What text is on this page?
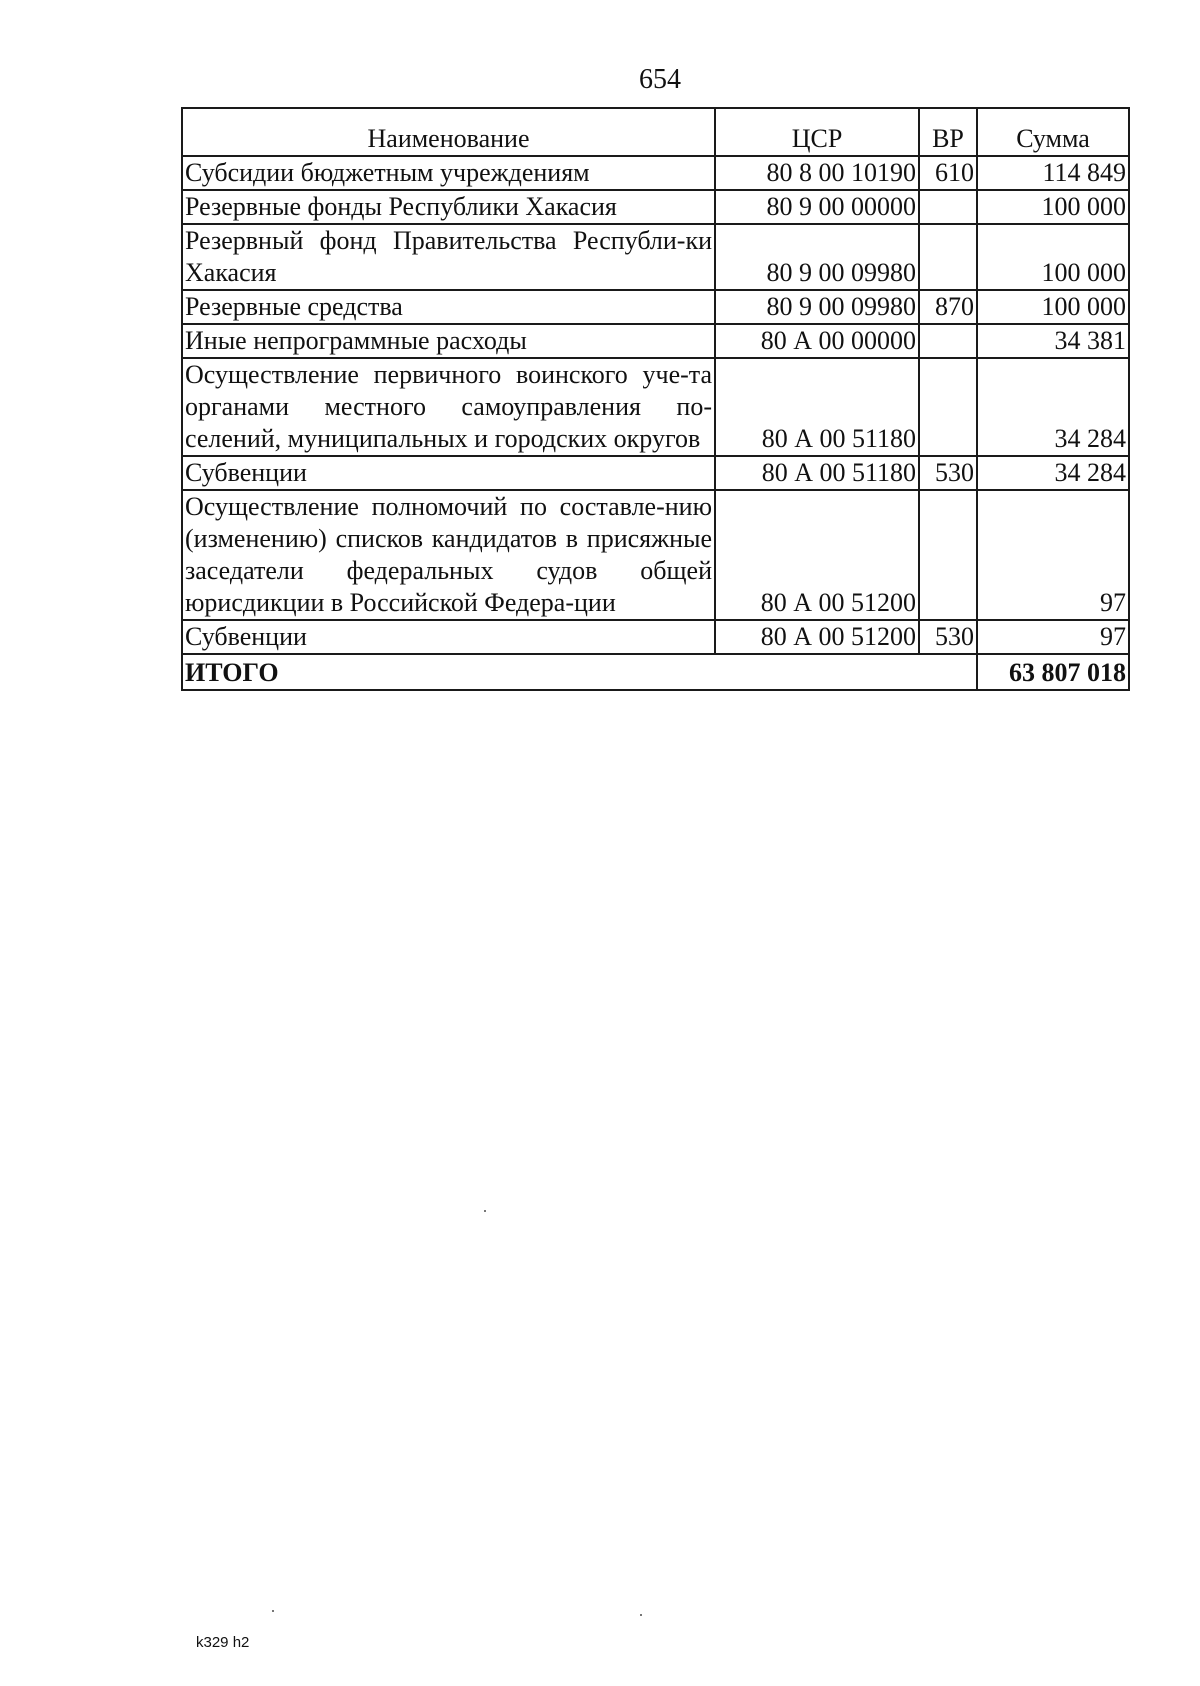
654
Наименование	ЦСР	ВР	Сумма
Субсидии бюджетным учреждениям	80 8 00 10190	610	114 849
Резервные фонды Республики Хакасия	80 9 00 00000		100 000
Резервный фонд Правительства Республи-ки Хакасия	80 9 00 09980		100 000
Резервные средства	80 9 00 09980	870	100 000
Иные непрограммные расходы	80 А 00 00000		34 381
Осуществление первичного воинского уче-та органами местного самоуправления по-селений, муниципальных и городских округов	80 А 00 51180		34 284
Субвенции	80 А 00 51180	530	34 284
Осуществление полномочий по составле-нию (изменению) списков кандидатов в присяжные заседатели федеральных судов общей юрисдикции в Российской Федера-ции	80 А 00 51200		97
Субвенции	80 А 00 51200	530	97
ИТОГО			63 807 018
k329 h2
